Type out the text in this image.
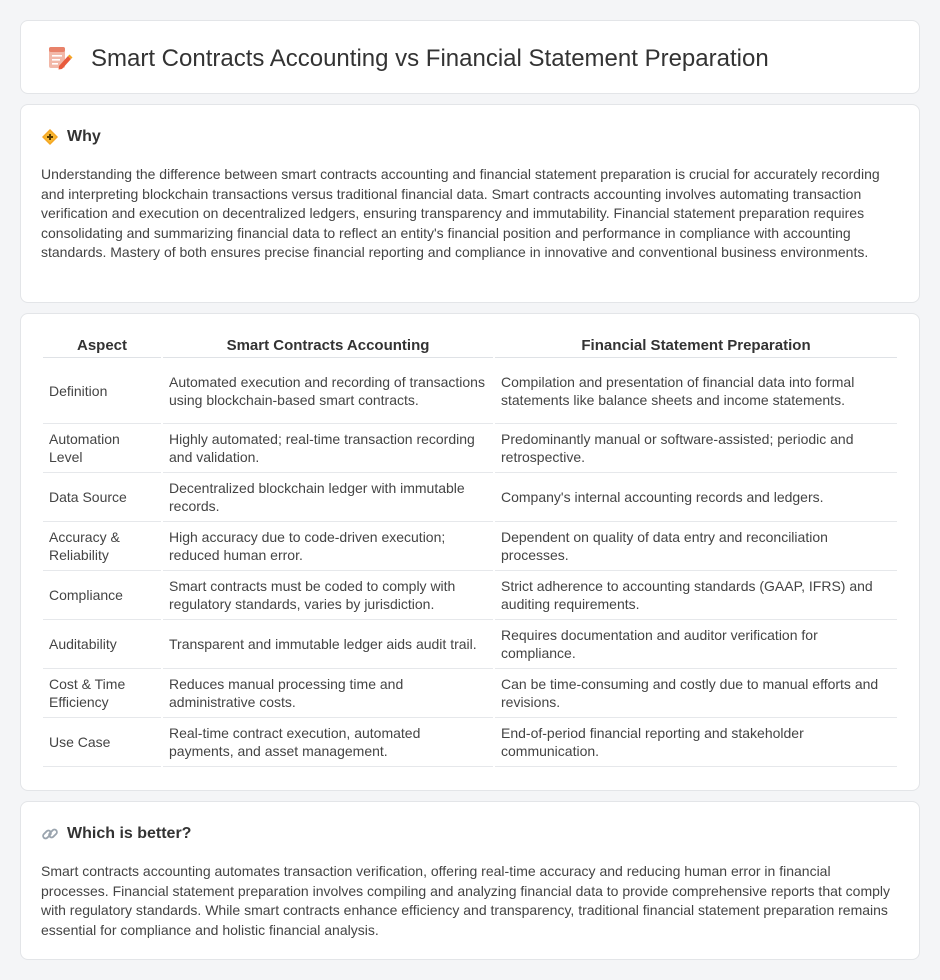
Smart Contracts Accounting vs Financial Statement Preparation
Why

Understanding the difference between smart contracts accounting and financial statement preparation is crucial for accurately recording and interpreting blockchain transactions versus traditional financial data. Smart contracts accounting involves automating transaction verification and execution on decentralized ledgers, ensuring transparency and immutability. Financial statement preparation requires consolidating and summarizing financial data to reflect an entity's financial position and performance in compliance with accounting standards. Mastery of both ensures precise financial reporting and compliance in innovative and conventional business environments.

Aspect	Smart Contracts Accounting	Financial Statement Preparation
Definition	Automated execution and recording of transactions using blockchain-based smart contracts.	Compilation and presentation of financial data into formal statements like balance sheets and income statements.
Automation Level	Highly automated; real-time transaction recording and validation.	Predominantly manual or software-assisted; periodic and retrospective.
Data Source	Decentralized blockchain ledger with immutable records.	Company's internal accounting records and ledgers.
Accuracy & Reliability	High accuracy due to code-driven execution; reduced human error.	Dependent on quality of data entry and reconciliation processes.
Compliance	Smart contracts must be coded to comply with regulatory standards, varies by jurisdiction.	Strict adherence to accounting standards (GAAP, IFRS) and auditing requirements.
Auditability	Transparent and immutable ledger aids audit trail.	Requires documentation and auditor verification for compliance.
Cost & Time Efficiency	Reduces manual processing time and administrative costs.	Can be time-consuming and costly due to manual efforts and revisions.
Use Case	Real-time contract execution, automated payments, and asset management.	End-of-period financial reporting and stakeholder communication.
Which is better?

Smart contracts accounting automates transaction verification, offering real-time accuracy and reducing human error in financial processes. Financial statement preparation involves compiling and analyzing financial data to provide comprehensive reports that comply with regulatory standards. While smart contracts enhance efficiency and transparency, traditional financial statement preparation remains essential for compliance and holistic financial analysis.
